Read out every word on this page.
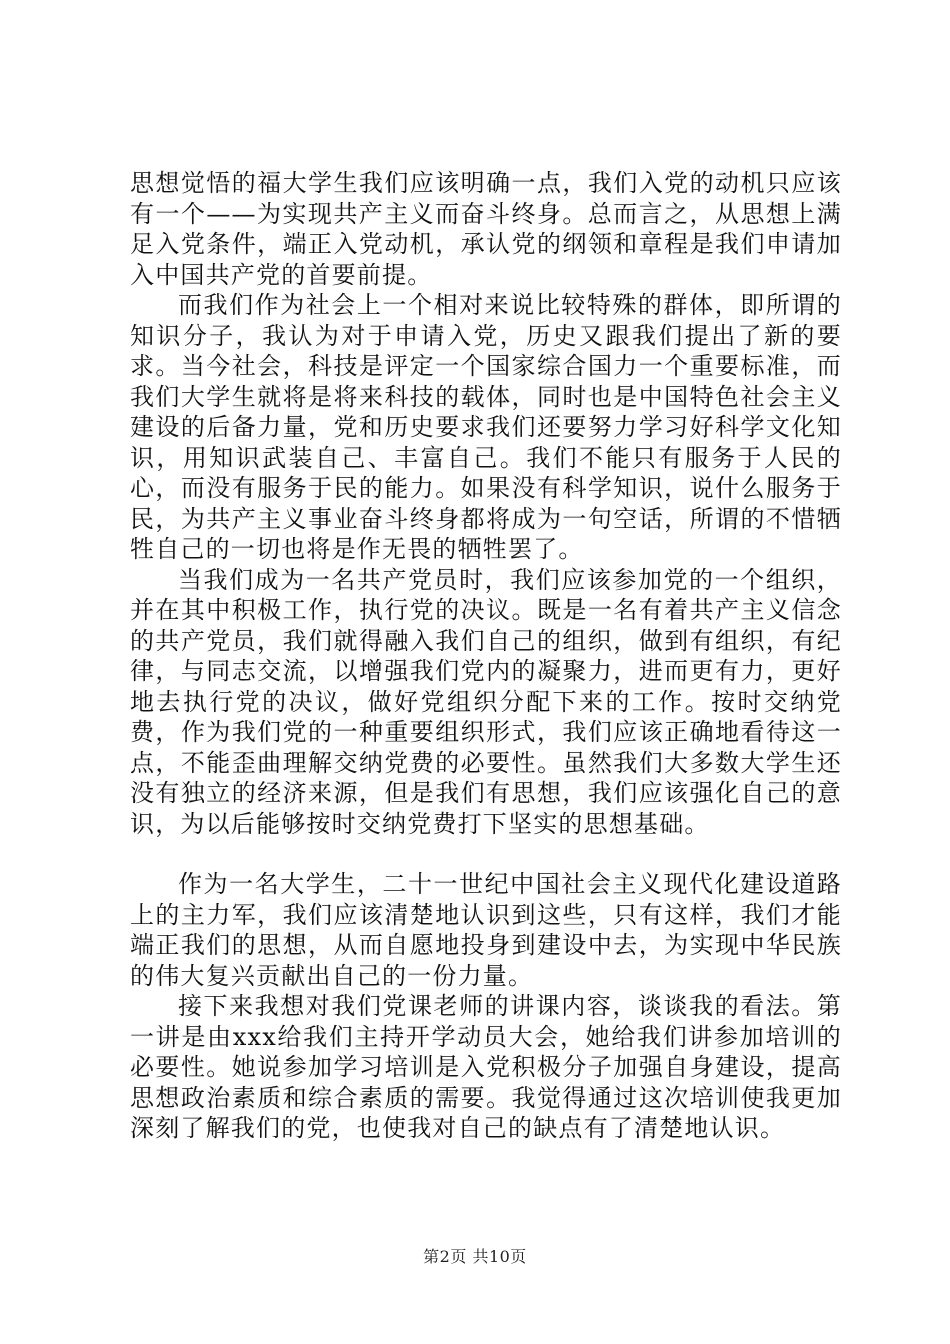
思想觉悟的福大学生我们应该明确一点，我们入党的动机只应该有一个——为实现共产主义而奋斗终身。总而言之，从思想上满足入党条件，端正入党动机，承认党的纲领和章程是我们申请加入中国共产党的首要前提。

而我们作为社会上一个相对来说比较特殊的群体，即所谓的知识分子，我认为对于申请入党，历史又跟我们提出了新的要求。当今社会，科技是评定一个国家综合国力一个重要标准，而我们大学生就将是将来科技的载体，同时也是中国特色社会主义建设的后备力量，党和历史要求我们还要努力学习好科学文化知识，用知识武装自己、丰富自己。我们不能只有服务于人民的心，而没有服务于民的能力。如果没有科学知识，说什么服务于民，为共产主义事业奋斗终身都将成为一句空话，所谓的不惜牺牲自己的一切也将是作无畏的牺牲罢了。

当我们成为一名共产党员时，我们应该参加党的一个组织，并在其中积极工作，执行党的决议。既是一名有着共产主义信念的共产党员，我们就得融入我们自己的组织，做到有组织，有纪律，与同志交流，以增强我们党内的凝聚力，进而更有力，更好地去执行党的决议，做好党组织分配下来的工作。按时交纳党费，作为我们党的一种重要组织形式，我们应该正确地看待这一点，不能歪曲理解交纳党费的必要性。虽然我们大多数大学生还没有独立的经济来源，但是我们有思想，我们应该强化自己的意识，为以后能够按时交纳党费打下坚实的思想基础。

作为一名大学生，二十一世纪中国社会主义现代化建设道路上的主力军，我们应该清楚地认识到这些，只有这样，我们才能端正我们的思想，从而自愿地投身到建设中去，为实现中华民族的伟大复兴贡献出自己的一份力量。

接下来我想对我们党课老师的讲课内容，谈谈我的看法。第一讲是由xxx给我们主持开学动员大会，她给我们讲参加培训的必要性。她说参加学习培训是入党积极分子加强自身建设，提高思想政治素质和综合素质的需要。我觉得通过这次培训使我更加深刻了解我们的党，也使我对自己的缺点有了清楚地认识。

第2页 共10页
